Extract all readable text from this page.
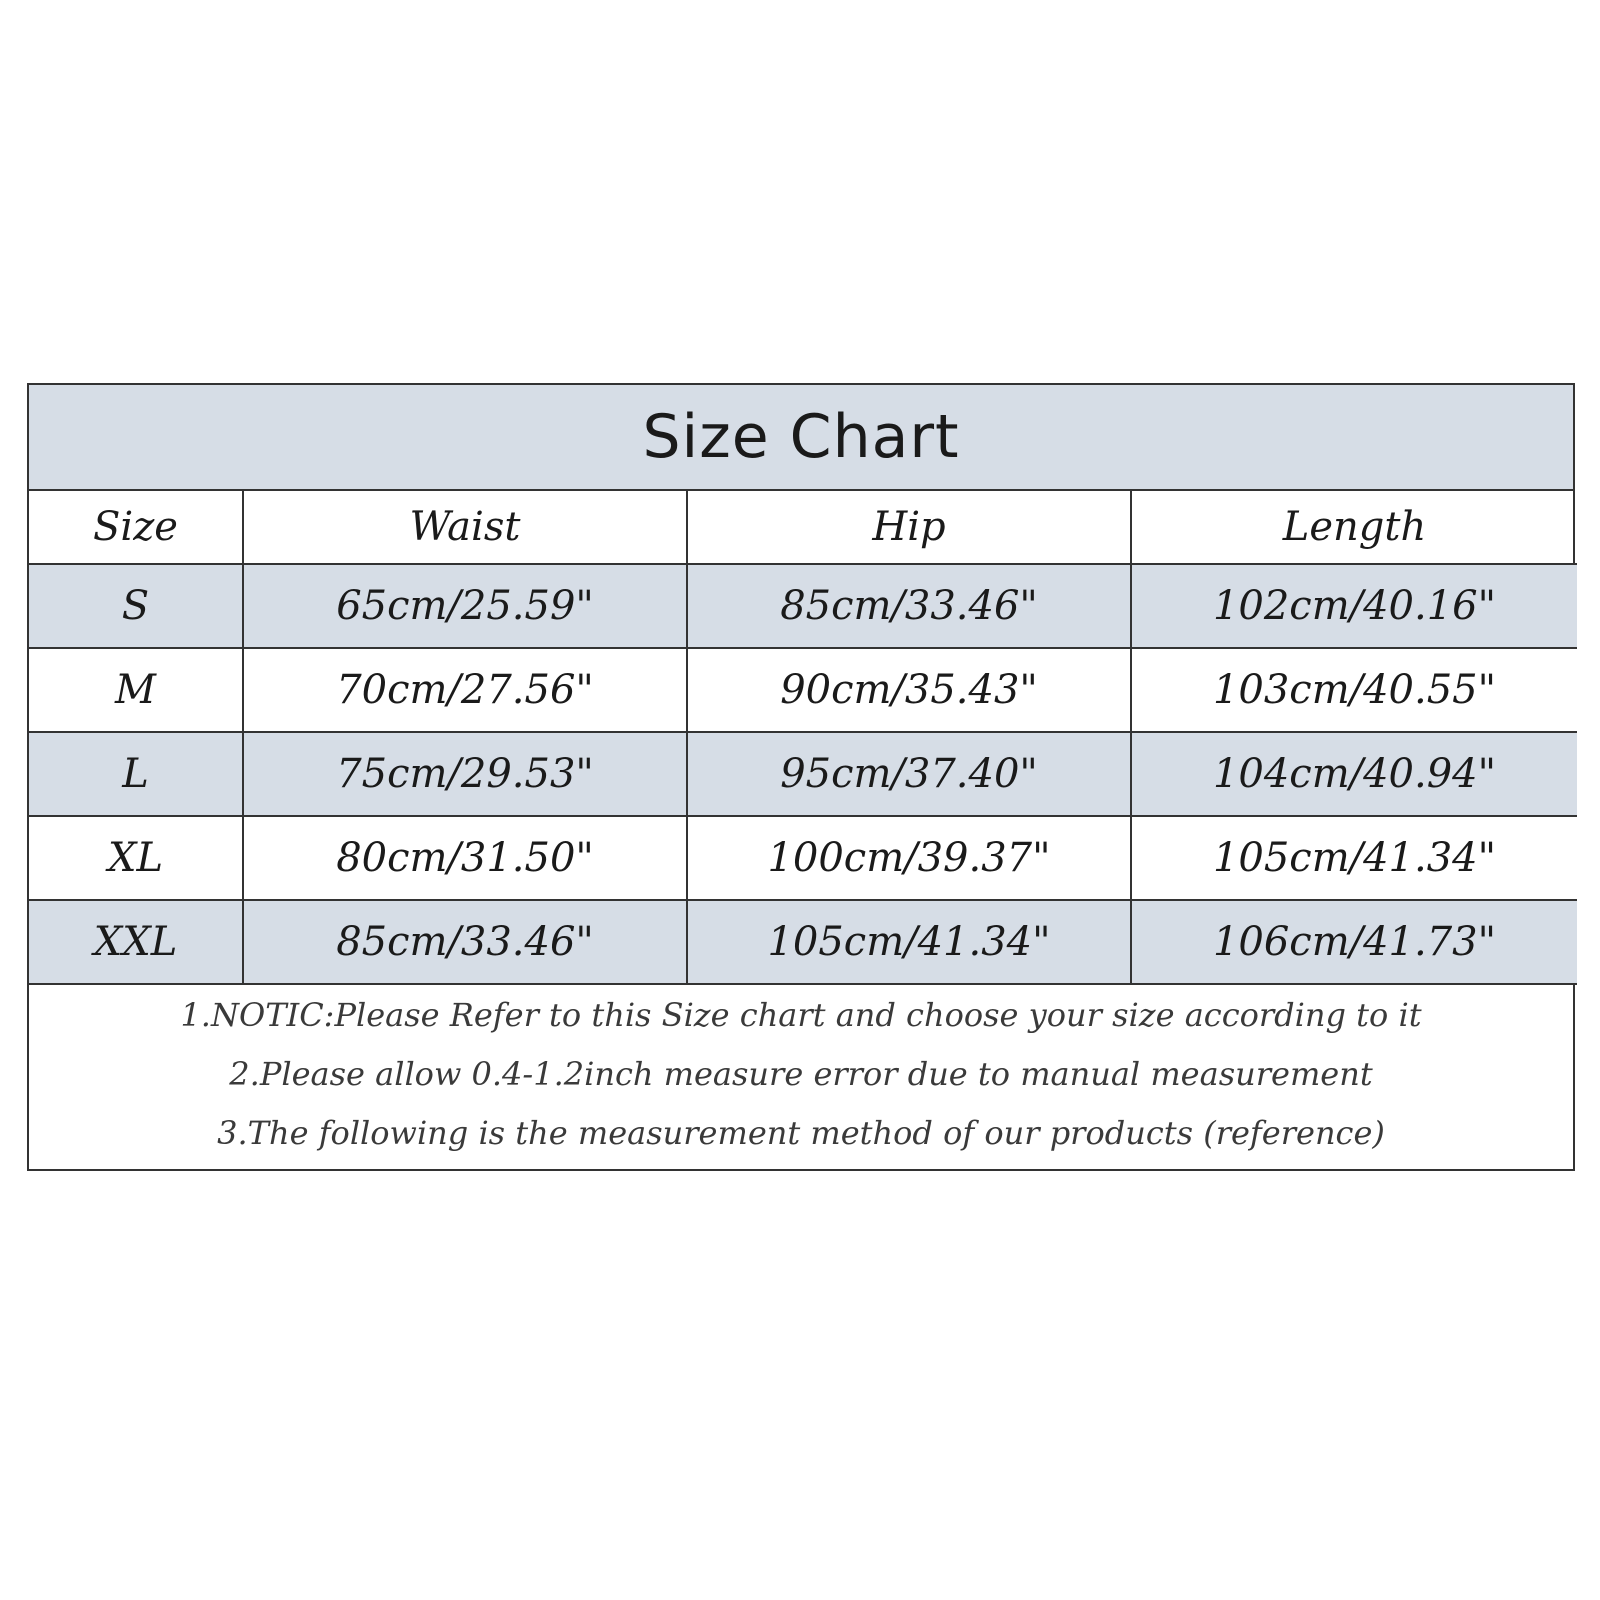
Size Chart
Size	Waist	Hip	Length
S	65cm/25.59"	85cm/33.46"	102cm/40.16"
M	70cm/27.56"	90cm/35.43"	103cm/40.55"
L	75cm/29.53"	95cm/37.40"	104cm/40.94"
XL	80cm/31.50"	100cm/39.37"	105cm/41.34"
XXL	85cm/33.46"	105cm/41.34"	106cm/41.73"
1.NOTIC:Please Refer to this Size chart and choose your size according to it
2.Please allow 0.4-1.2inch measure error due to manual measurement
3.The following is the measurement method of our products (reference)
